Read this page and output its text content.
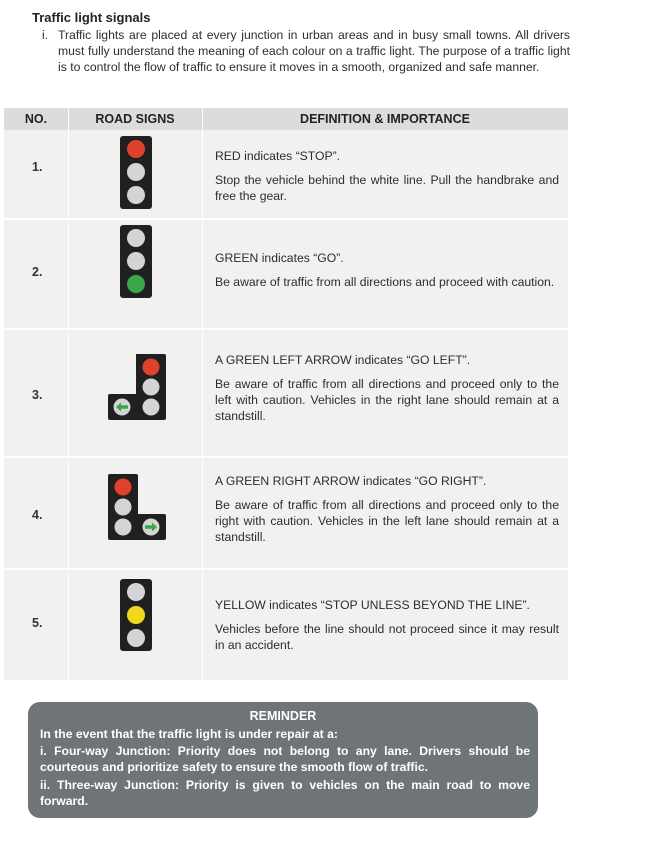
Traffic light signals
i. Traffic lights are placed at every junction in urban areas and in busy small towns. All drivers must fully understand the meaning of each colour on a traffic light. The purpose of a traffic light is to control the flow of traffic to ensure it moves in a smooth, organized and safe manner.
NO.	ROAD SIGNS	DEFINITION & IMPORTANCE
1.
RED indicates “STOP”.
Stop the vehicle behind the white line. Pull the handbrake and free the gear.
2.
GREEN indicates “GO”.
Be aware of traffic from all directions and proceed with caution.
3.
A GREEN LEFT ARROW indicates “GO LEFT”.
Be aware of traffic from all directions and proceed only to the left with caution. Vehicles in the right lane should remain at a standstill.
4.
A GREEN RIGHT ARROW indicates “GO RIGHT”.
Be aware of traffic from all directions and proceed only to the right with caution. Vehicles in the left lane should remain at a standstill.
5.
YELLOW indicates “STOP UNLESS BEYOND THE LINE”.
Vehicles before the line should not proceed since it may result in an accident.
REMINDER
In the event that the traffic light is under repair at a:
i. Four-way Junction: Priority does not belong to any lane. Drivers should be courteous and prioritize safety to ensure the smooth flow of traffic.
ii. Three-way Junction: Priority is given to vehicles on the main road to move forward.
